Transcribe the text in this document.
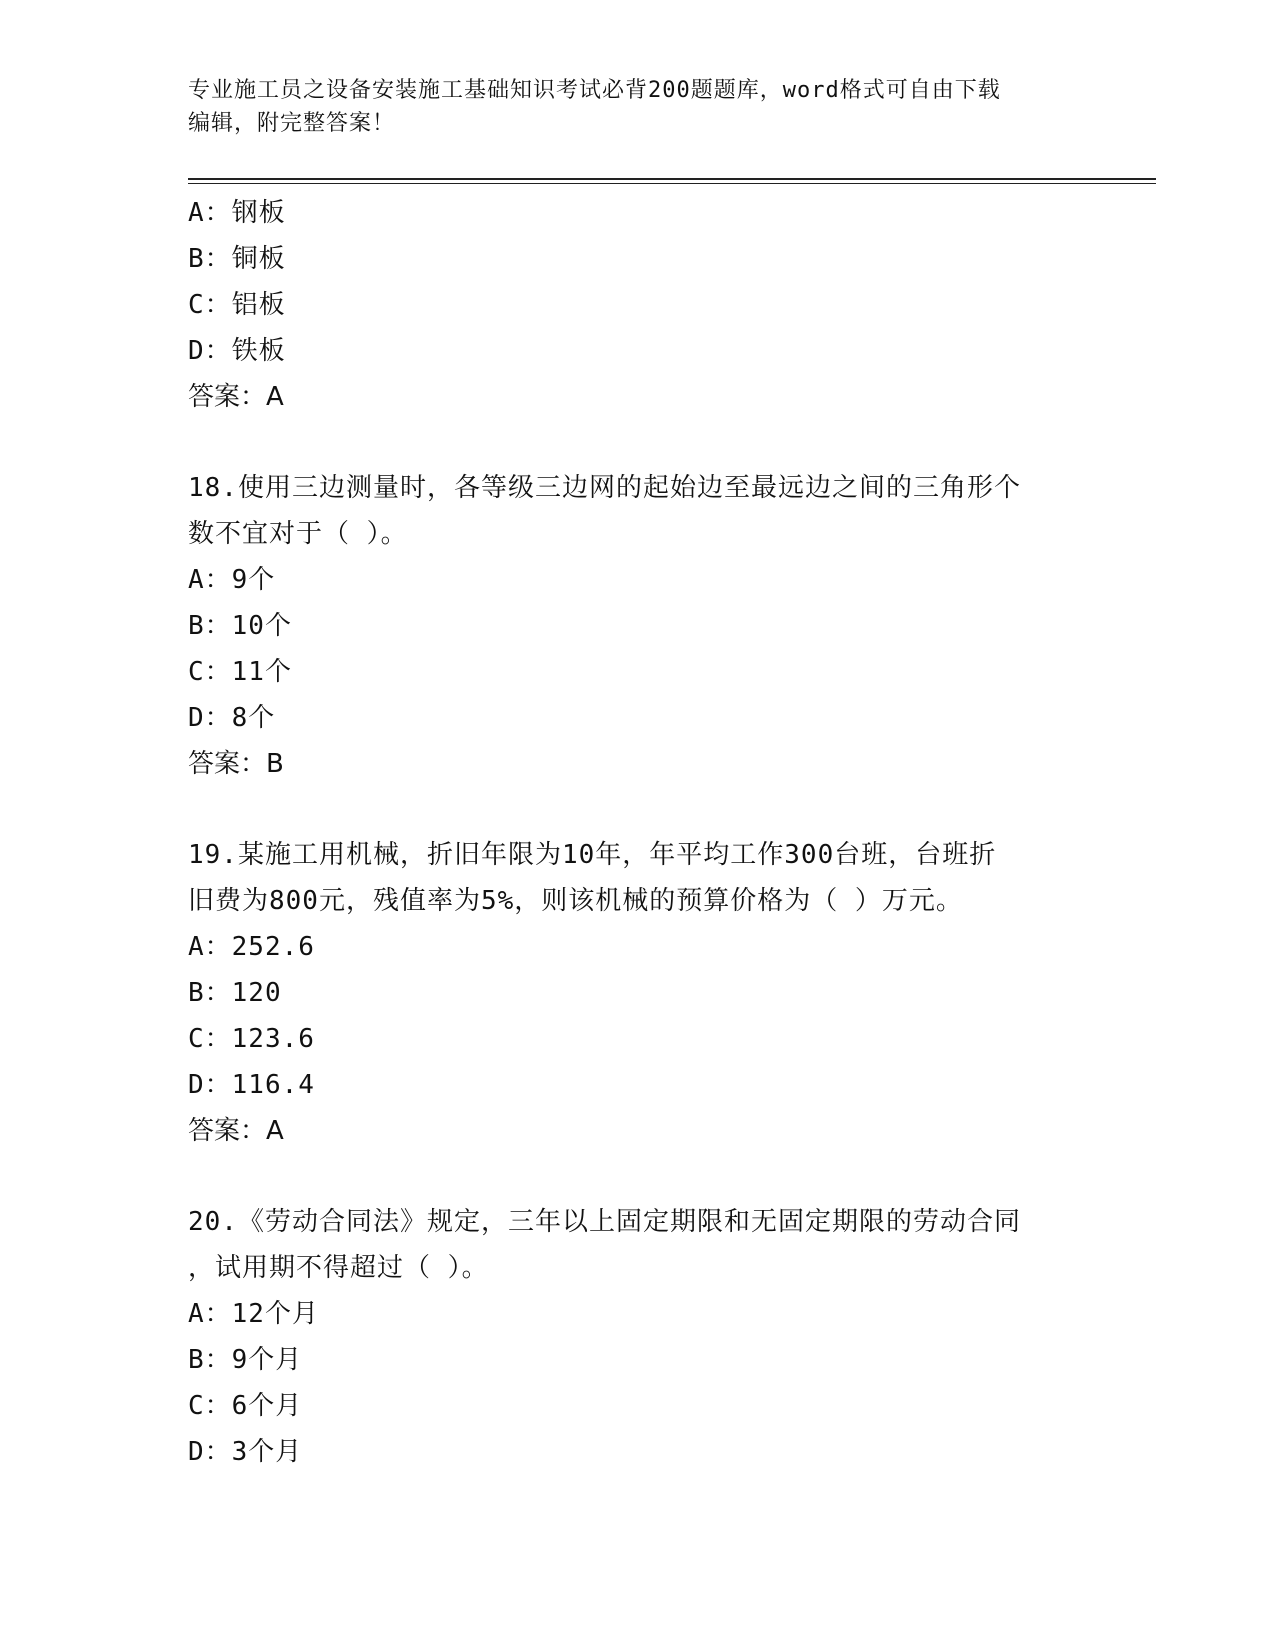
专业施工员之设备安装施工基础知识考试必背200题题库，word格式可自由下载
编辑，附完整答案！
A：钢板
B：铜板
C：铝板
D：铁板
答案：A
18.使用三边测量时，各等级三边网的起始边至最远边之间的三角形个
数不宜对于（ ）。
A：9个
B：10个
C：11个
D：8个
答案：B
19.某施工用机械，折旧年限为10年，年平均工作300台班，台班折
旧费为800元，残值率为5%，则该机械的预算价格为（ ）万元。
A：252.6
B：120
C：123.6
D：116.4
答案：A
20.《劳动合同法》规定，三年以上固定期限和无固定期限的劳动合同
，试用期不得超过（ ）。
A：12个月
B：9个月
C：6个月
D：3个月
